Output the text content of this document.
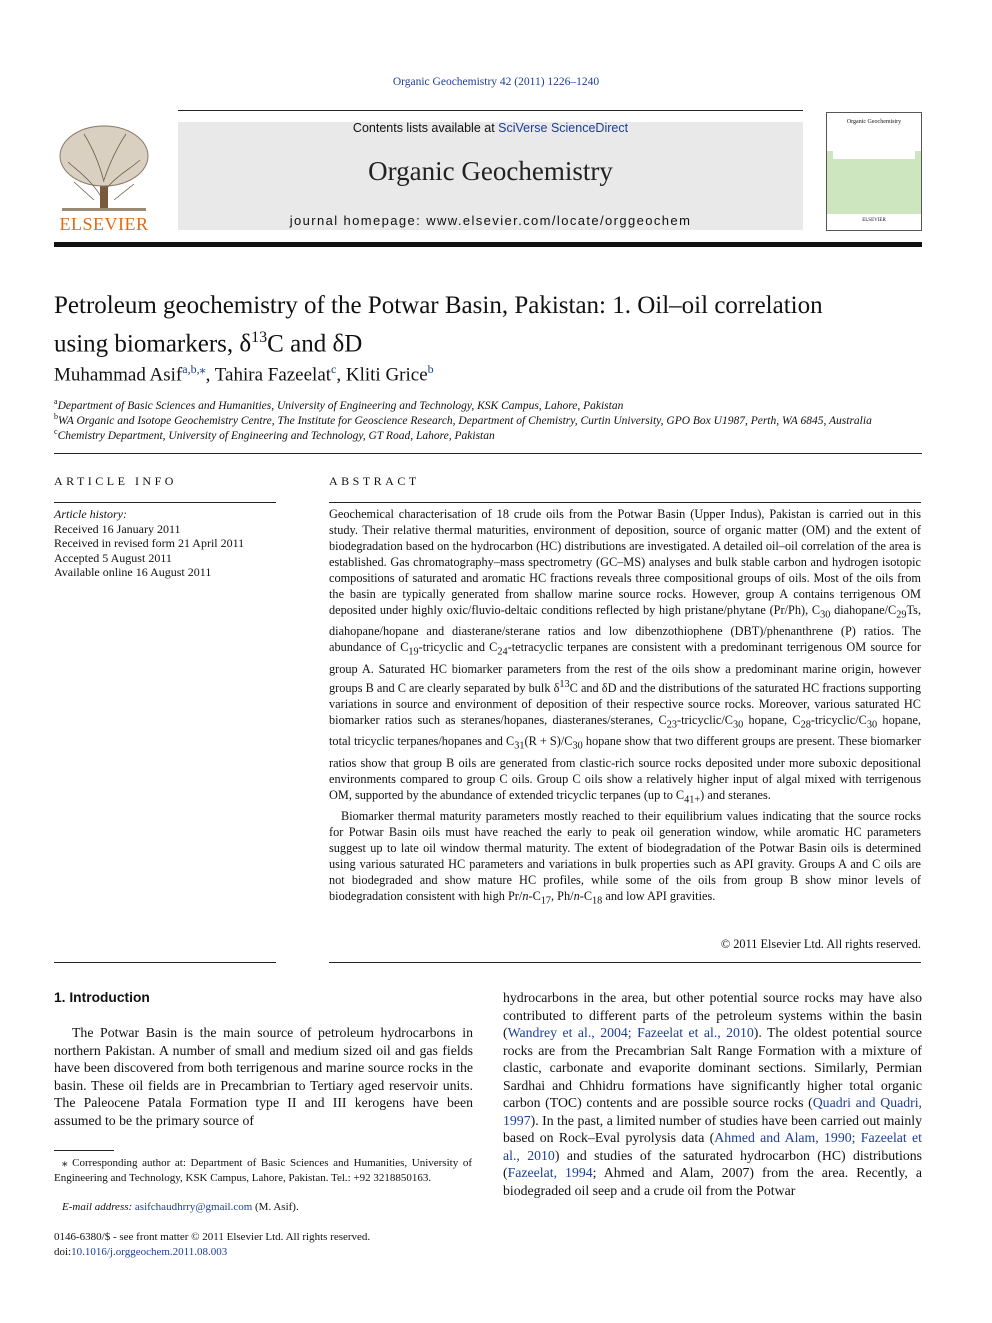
Organic Geochemistry 42 (2011) 1226–1240
ELSEVIER
Contents lists available at SciVerse ScienceDirect
Organic Geochemistry
journal homepage: www.elsevier.com/locate/orggeochem
Organic Geochemistry
ELSEVIER
Petroleum geochemistry of the Potwar Basin, Pakistan: 1. Oil–oil correlation
using biomarkers, $\delta^{13}C$ and δD
Muhammad Asif$^{a,b,⁎}$, Tahira Fazeelat$^c$, Kliti Grice$^b$
$^a$Department of Basic Sciences and Humanities, University of Engineering and Technology, KSK Campus, Lahore, Pakistan
$^b$WA Organic and Isotope Geochemistry Centre, The Institute for Geoscience Research, Department of Chemistry, Curtin University, GPO Box U1987, Perth, WA 6845, Australia
$^c$Chemistry Department, University of Engineering and Technology, GT Road, Lahore, Pakistan
ARTICLE INFO
Article history:
Received 16 January 2011
Received in revised form 21 April 2011
Accepted 5 August 2011
Available online 16 August 2011
ABSTRACT

Geochemical characterisation of 18 crude oils from the Potwar Basin (Upper Indus), Pakistan is carried out in this study. Their relative thermal maturities, environment of deposition, source of organic matter (OM) and the extent of biodegradation based on the hydrocarbon (HC) distributions are investigated. A detailed oil–oil correlation of the area is established. Gas chromatography–mass spectrometry (GC–MS) analyses and bulk stable carbon and hydrogen isotopic compositions of saturated and aromatic HC fractions reveals three compositional groups of oils. Most of the oils from the basin are typically generated from shallow marine source rocks. However, group A contains terrigenous OM deposited under highly oxic/fluvio-deltaic conditions reflected by high pristane/phytane (Pr/Ph), $C_{30}$ diahopane/$C_{29}Ts$, diahopane/hopane and diasterane/sterane ratios and low dibenzothiophene (DBT)/phenanthrene (P) ratios. The abundance of $C_{19}$-tricyclic and $C_{24}$-tetracyclic terpanes are consistent with a predominant terrigenous OM source for group A. Saturated HC biomarker parameters from the rest of the oils show a predominant marine origin, however groups B and C are clearly separated by bulk $\delta^{13}C$ and δD and the distributions of the saturated HC fractions supporting variations in source and environment of deposition of their respective source rocks. Moreover, various saturated HC biomarker ratios such as steranes/hopanes, diasteranes/steranes, $C_{23}-tricyclic/C_{30}$ hopane, $C_{28}-tricyclic/C_{30}$ hopane, total tricyclic terpanes/hopanes and $C_{31}(R + S)/C_{30}$ hopane show that two different groups are present. These biomarker ratios show that group B oils are generated from clastic-rich source rocks deposited under more suboxic depositional environments compared to group C oils. Group C oils show a relatively higher input of algal mixed with terrigenous OM, supported by the abundance of extended tricyclic terpanes (up to $C_{41+}$) and steranes.

Biomarker thermal maturity parameters mostly reached to their equilibrium values indicating that the source rocks for Potwar Basin oils must have reached the early to peak oil generation window, while aromatic HC parameters suggest up to late oil window thermal maturity. The extent of biodegradation of the Potwar Basin oils is determined using various saturated HC parameters and variations in bulk properties such as API gravity. Groups A and C oils are not biodegraded and show mature HC profiles, while some of the oils from group B show minor levels of biodegradation consistent with high $Pr/n-C_{17}$, $Ph/n-C_{18}$ and low API gravities.

© 2011 Elsevier Ltd. All rights reserved.
1. Introduction

The Potwar Basin is the main source of petroleum hydrocarbons in northern Pakistan. A number of small and medium sized oil and gas fields have been discovered from both terrigenous and marine source rocks in the basin. These oil fields are in Precambrian to Tertiary aged reservoir units. The Paleocene Patala Formation type II and III kerogens have been assumed to be the primary source of

hydrocarbons in the area, but other potential source rocks may have also contributed to different parts of the petroleum systems within the basin (Wandrey et al., 2004; Fazeelat et al., 2010). The oldest potential source rocks are from the Precambrian Salt Range Formation with a mixture of clastic, carbonate and evaporite dominant sections. Similarly, Permian Sardhai and Chhidru formations have significantly higher total organic carbon (TOC) contents and are possible source rocks (Quadri and Quadri, 1997). In the past, a limited number of studies have been carried out mainly based on Rock–Eval pyrolysis data (Ahmed and Alam, 1990; Fazeelat et al., 2010) and studies of the saturated hydrocarbon (HC) distributions (Fazeelat, 1994; Ahmed and Alam, 2007) from the area. Recently, a biodegraded oil seep and a crude oil from the Potwar

⁎ Corresponding author at: Department of Basic Sciences and Humanities, University of Engineering and Technology, KSK Campus, Lahore, Pakistan. Tel.: +92 3218850163.
E-mail address: asifchaudhrry@gmail.com (M. Asif).
0146-6380/$ - see front matter © 2011 Elsevier Ltd. All rights reserved.
doi:10.1016/j.orggeochem.2011.08.003
